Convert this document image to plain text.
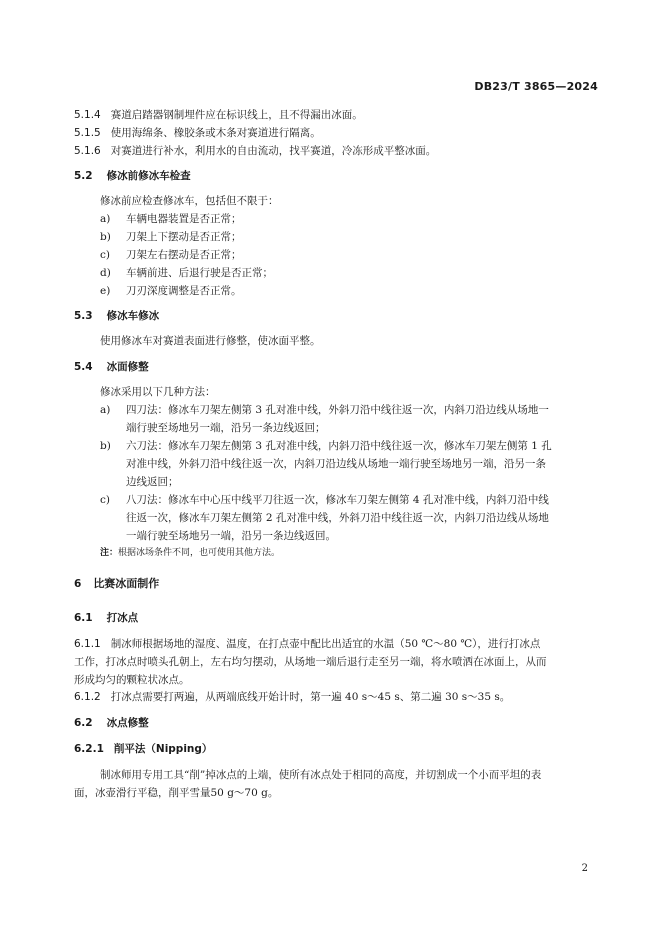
DB23/T 3865—2024
5.1.4 赛道启踏器钢制埋件应在标识线上，且不得漏出冰面。
5.1.5 使用海绵条、橡胶条或木条对赛道进行隔离。
5.1.6 对赛道进行补水，利用水的自由流动，找平赛道，冷冻形成平整冰面。
5.2 修冰前修冰车检查
修冰前应检查修冰车，包括但不限于：
a) 车辆电器装置是否正常；
b) 刀架上下摆动是否正常；
c) 刀架左右摆动是否正常；
d) 车辆前进、后退行驶是否正常；
e) 刀刃深度调整是否正常。
5.3 修冰车修冰
使用修冰车对赛道表面进行修整，使冰面平整。
5.4 冰面修整
修冰采用以下几种方法：
a) 四刀法：修冰车刀架左侧第 3 孔对准中线，外斜刀沿中线往返一次，内斜刀沿边线从场地一
端行驶至场地另一端，沿另一条边线返回；
b) 六刀法：修冰车刀架左侧第 3 孔对准中线，内斜刀沿中线往返一次，修冰车刀架左侧第 1 孔
对准中线，外斜刀沿中线往返一次，内斜刀沿边线从场地一端行驶至场地另一端，沿另一条
边线返回；
c) 八刀法：修冰车中心压中线平刀往返一次，修冰车刀架左侧第 4 孔对准中线，内斜刀沿中线
往返一次，修冰车刀架左侧第 2 孔对准中线，外斜刀沿中线往返一次，内斜刀沿边线从场地
一端行驶至场地另一端，沿另一条边线返回。
注：根据冰场条件不同，也可使用其他方法。
6 比赛冰面制作
6.1 打冰点
6.1.1 制冰师根据场地的湿度、温度，在打点壶中配比出适宜的水温（50 ℃～80 ℃），进行打冰点
工作，打冰点时喷头孔朝上，左右均匀摆动，从场地一端后退行走至另一端，将水喷洒在冰面上，从而
形成均匀的颗粒状冰点。
6.1.2 打冰点需要打两遍，从两端底线开始计时，第一遍 40 s～45 s、第二遍 30 s～35 s。
6.2 冰点修整
6.2.1 削平法（Nipping）
制冰师用专用工具“削”掉冰点的上端，使所有冰点处于相同的高度，并切割成一个小而平坦的表
面，冰壶滑行平稳，削平雪量50 g～70 g。
2
